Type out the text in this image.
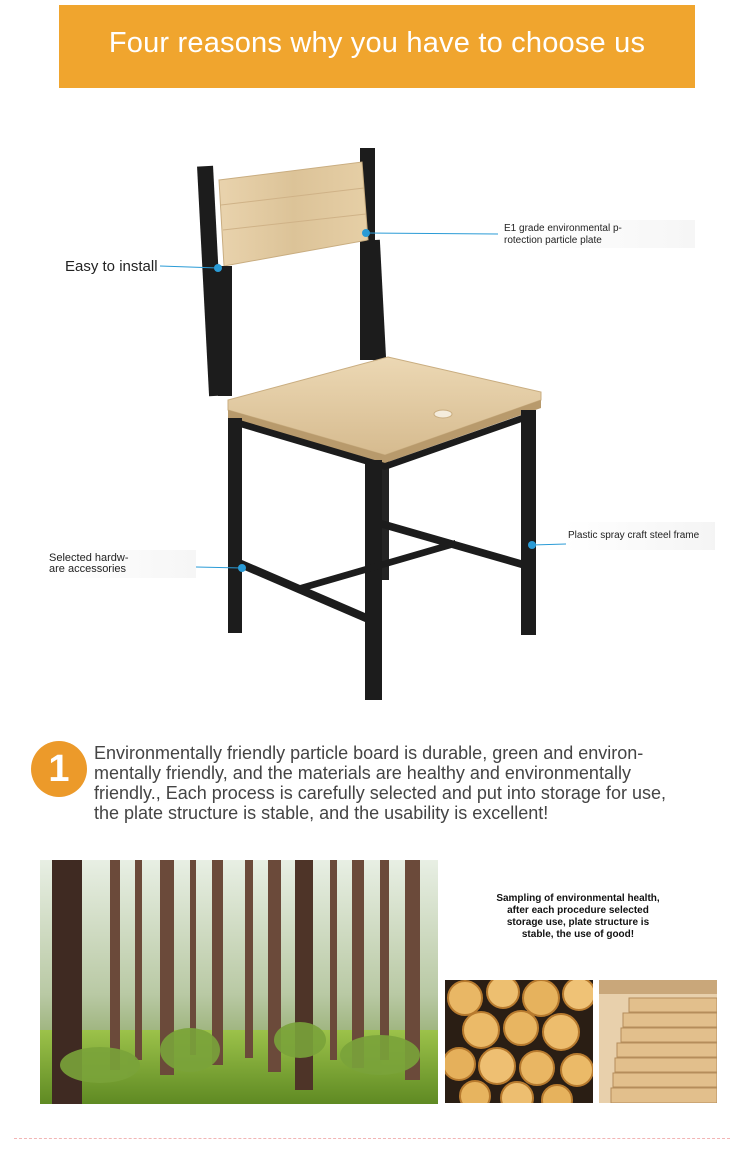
Four reasons why you have to choose us
Easy to install
E1 grade environmental p-
rotection particle plate
Selected hardw-
are accessories
Plastic spray craft steel frame
1	Environmentally friendly particle board is durable, green and environ- mentally friendly, and the materials are healthy and environmentally friendly., Each process is carefully selected and put into storage for use, the plate structure is stable, and the usability is excellent!
Sampling of environmental health,
after each procedure selected
storage use, plate structure is
stable, the use of good!
